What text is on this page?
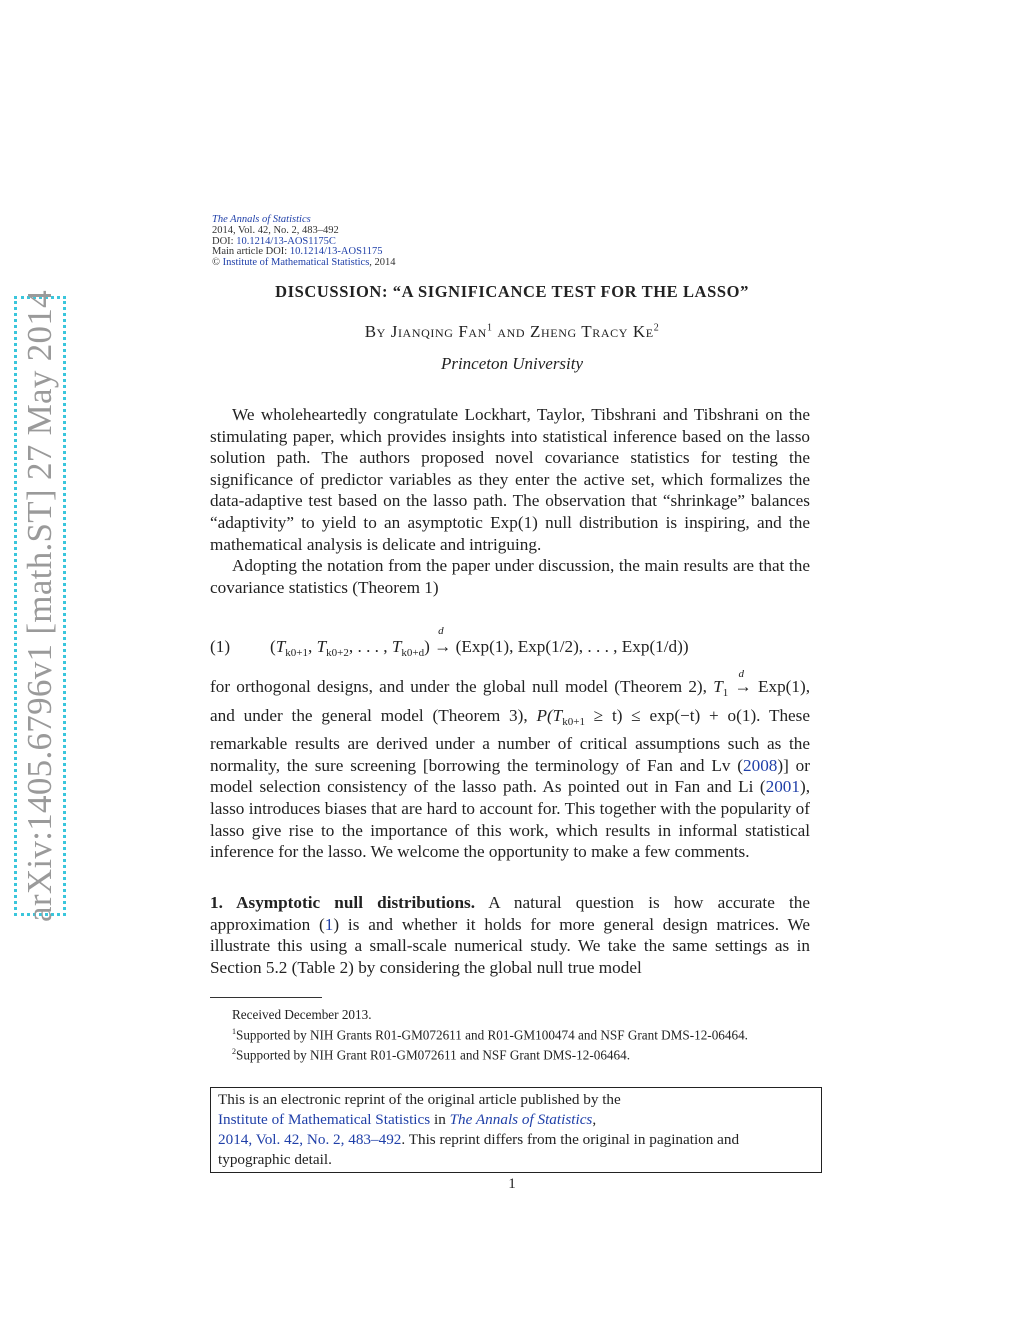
arXiv:1405.6796v1 [math.ST] 27 May 2014
The Annals of Statistics
2014, Vol. 42, No. 2, 483–492
DOI: 10.1214/13-AOS1175C
Main article DOI: 10.1214/13-AOS1175
© Institute of Mathematical Statistics, 2014
DISCUSSION: “A SIGNIFICANCE TEST FOR THE LASSO”
By Jianqing Fan$^1$ and Zheng Tracy Ke$^2$
Princeton University

We wholeheartedly congratulate Lockhart, Taylor, Tibshrani and Tibshrani on the stimulating paper, which provides insights into statistical inference based on the lasso solution path. The authors proposed novel covariance statistics for testing the significance of predictor variables as they enter the active set, which formalizes the data-adaptive test based on the lasso path. The observation that “shrinkage” balances “adaptivity” to yield to an asymptotic Exp(1) null distribution is inspiring, and the mathematical analysis is delicate and intriguing.

Adopting the notation from the paper under discussion, the main results are that the covariance statistics (Theorem 1)

(1) ($T_{k0+1}$, $T_{k0+2}$, . . . , $T_{k0+d}$)
d
→ (Exp(1), Exp(1/2), . . . , Exp(1/d))

for orthogonal designs, and under the global null model (Theorem 2), $T_1$
d
→ Exp(1), and under the general model (Theorem 3), $P(T_{k0+1} \ge t) \le \exp(-t) + o(1)$. These remarkable results are derived under a number of critical assumptions such as the normality, the sure screening [borrowing the terminology of Fan and Lv (2008)] or model selection consistency of the lasso path. As pointed out in Fan and Li (2001), lasso introduces biases that are hard to account for. This together with the popularity of lasso give rise to the importance of this work, which results in informal statistical inference for the lasso. We welcome the opportunity to make a few comments.

1. Asymptotic null distributions. A natural question is how accurate the approximation (1) is and whether it holds for more general design matrices. We illustrate this using a small-scale numerical study. We take the same settings as in Section 5.2 (Table 2) by considering the global null true model

Received December 2013.
$^1$Supported by NIH Grants R01-GM072611 and R01-GM100474 and NSF Grant DMS-12-06464.
$^2$Supported by NIH Grant R01-GM072611 and NSF Grant DMS-12-06464.
This is an electronic reprint of the original article published by the
Institute of Mathematical Statistics in The Annals of Statistics,
2014, Vol. 42, No. 2, 483–492. This reprint differs from the original in pagination and typographic detail.
1
